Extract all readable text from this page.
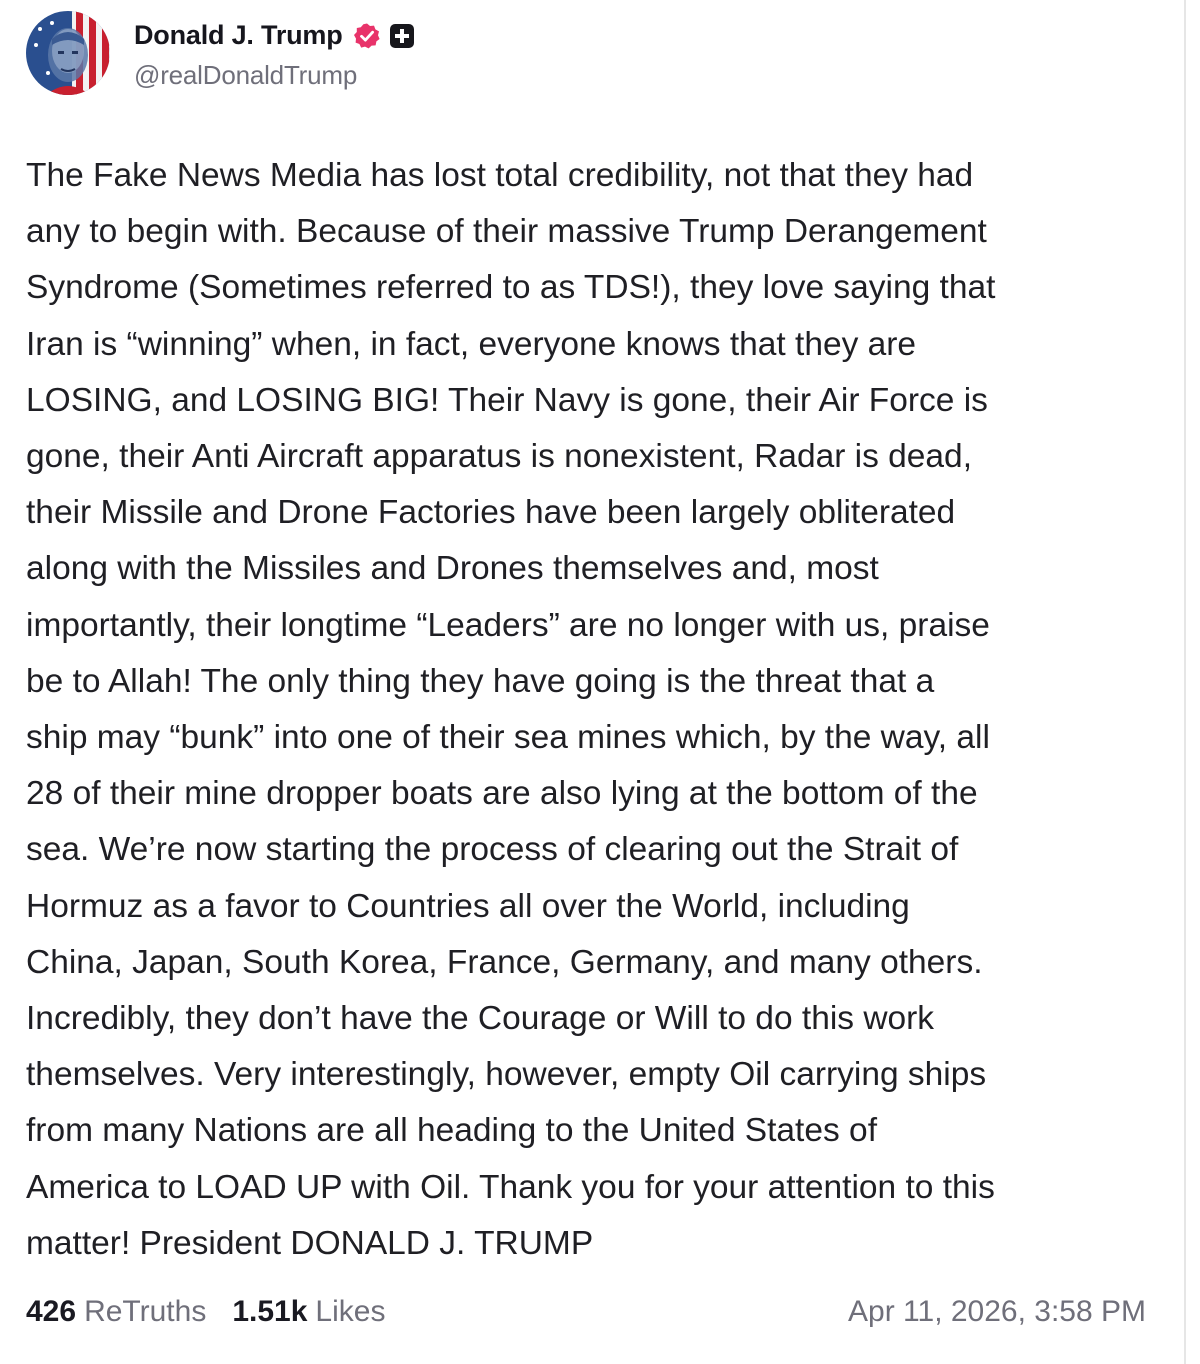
Donald J. Trump
@realDonaldTrump

The Fake News Media has lost total credibility, not that they had
any to begin with. Because of their massive Trump Derangement
Syndrome (Sometimes referred to as TDS!), they love saying that
Iran is “winning” when, in fact, everyone knows that they are
LOSING, and LOSING BIG! Their Navy is gone, their Air Force is
gone, their Anti Aircraft apparatus is nonexistent, Radar is dead,
their Missile and Drone Factories have been largely obliterated
along with the Missiles and Drones themselves and, most
importantly, their longtime “Leaders” are no longer with us, praise
be to Allah! The only thing they have going is the threat that a
ship may “bunk” into one of their sea mines which, by the way, all
28 of their mine dropper boats are also lying at the bottom of the
sea. We’re now starting the process of clearing out the Strait of
Hormuz as a favor to Countries all over the World, including
China, Japan, South Korea, France, Germany, and many others.
Incredibly, they don’t have the Courage or Will to do this work
themselves. Very interestingly, however, empty Oil carrying ships
from many Nations are all heading to the United States of
America to LOAD UP with Oil. Thank you for your attention to this
matter! President DONALD J. TRUMP

426 ReTruths 1.51k Likes	Apr 11, 2026, 3:58 PM
